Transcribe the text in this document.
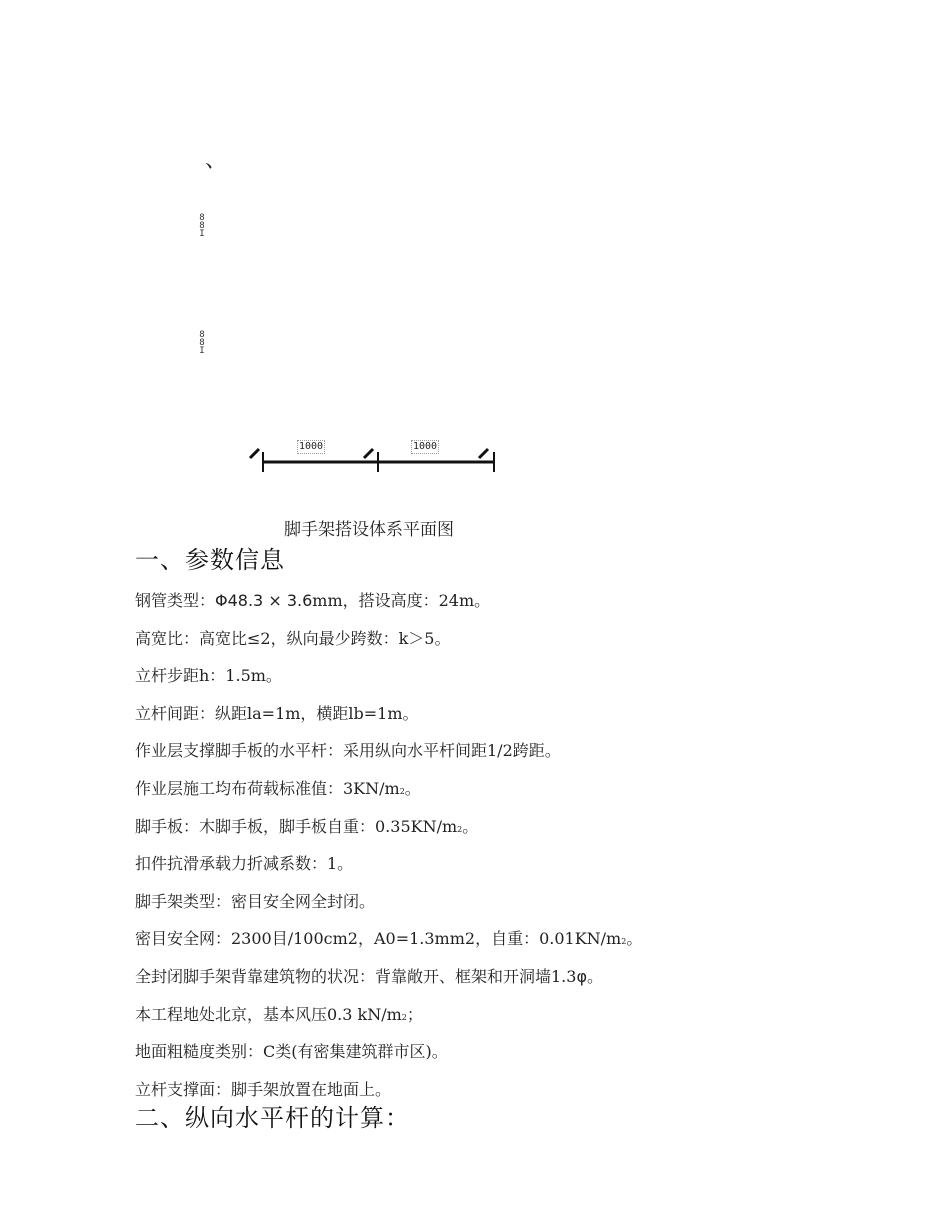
、
8
8
I
8
8
I
1000	1000
脚手架搭设体系平面图
一、参数信息
钢管类型：Φ48.3 × 3.6mm，搭设高度：24m。
高宽比：高宽比≤2，纵向最少跨数：k＞5。
立杆步距h：1.5m。
立杆间距：纵距la=1m，横距lb=1m。
作业层支撑脚手板的水平杆：采用纵向水平杆间距1/2跨距。
作业层施工均布荷载标准值：3KN/m2。
脚手板：木脚手板，脚手板自重：0.35KN/m2。
扣件抗滑承载力折减系数：1。
脚手架类型：密目安全网全封闭。
密目安全网：2300目/100cm2，A0=1.3mm2，自重：0.01KN/m2。
全封闭脚手架背靠建筑物的状况：背靠敞开、框架和开洞墙1.3φ。
本工程地处北京，基本风压0.3 kN/m2；
地面粗糙度类别：C类(有密集建筑群市区)。
立杆支撑面：脚手架放置在地面上。
二、纵向水平杆的计算：
